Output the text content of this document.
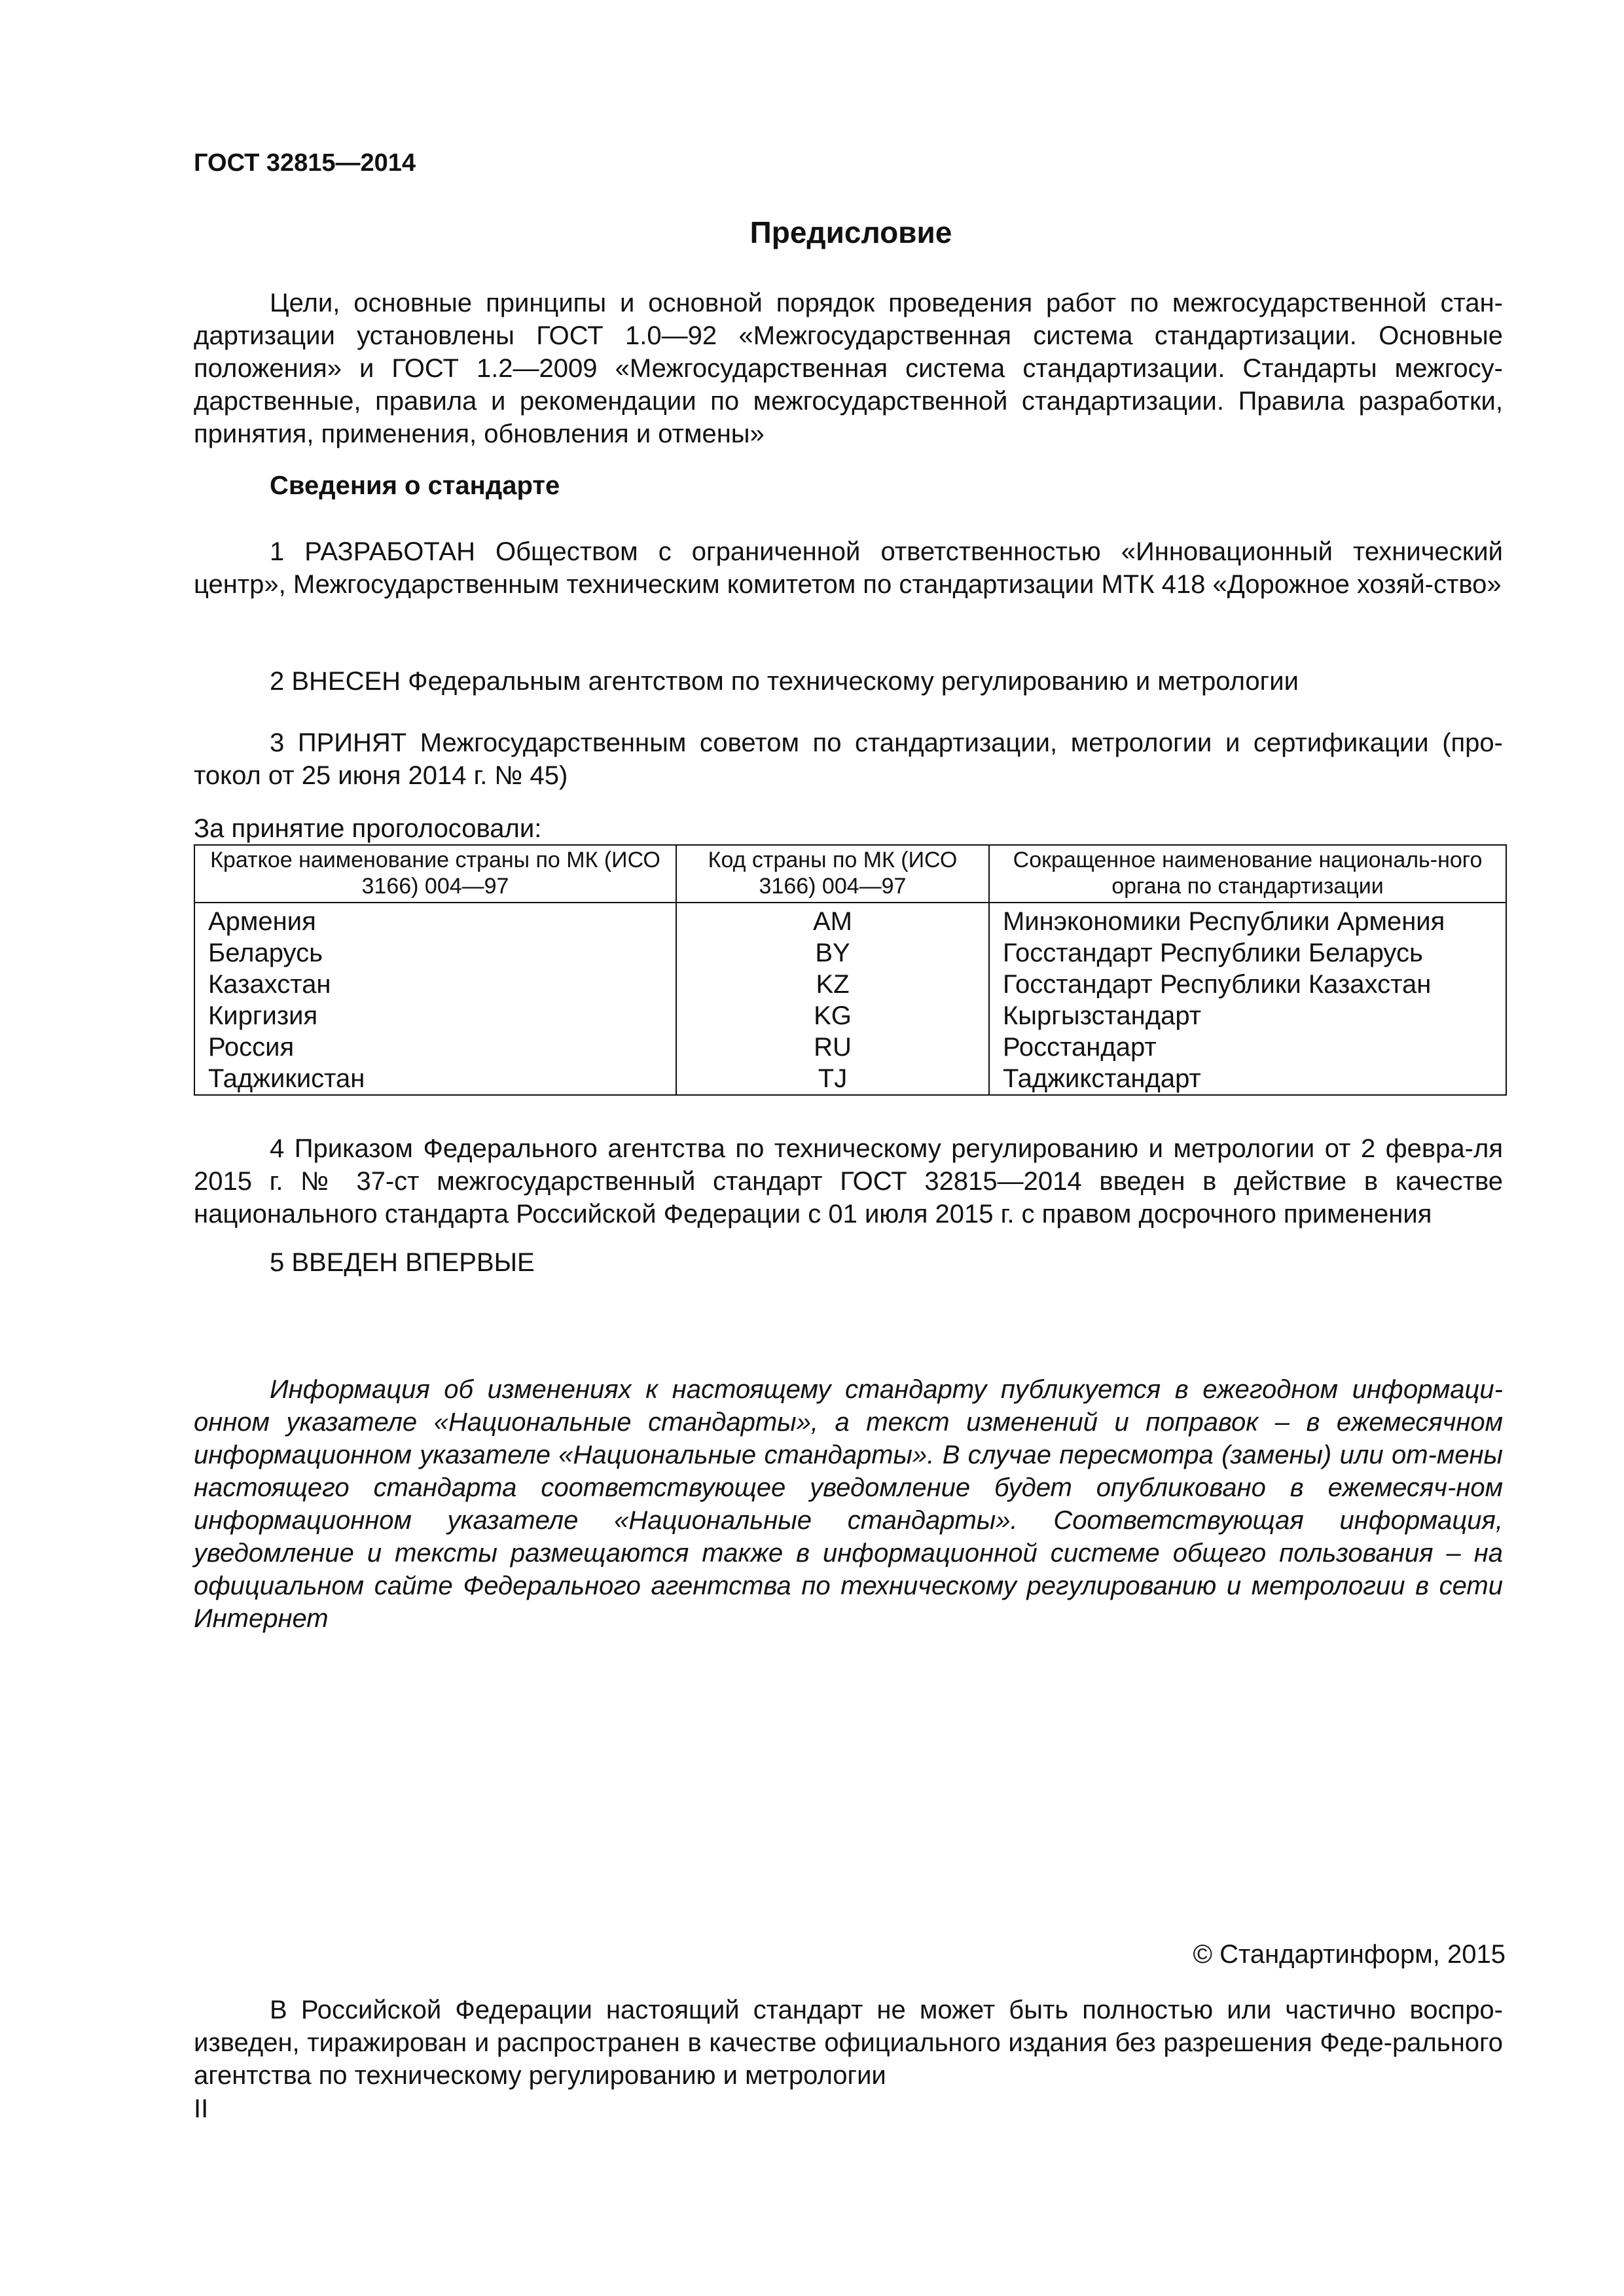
ГОСТ 32815—2014
Предисловие

Цели, основные принципы и основной порядок проведения работ по межгосударственной стан-дартизации установлены ГОСТ 1.0—92 «Межгосударственная система стандартизации. Основные положения» и ГОСТ 1.2—2009 «Межгосударственная система стандартизации. Стандарты межгосу-дарственные, правила и рекомендации по межгосударственной стандартизации. Правила разработки, принятия, применения, обновления и отмены»

Сведения о стандарте

1 РАЗРАБОТАН Обществом с ограниченной ответственностью «Инновационный технический центр», Межгосударственным техническим комитетом по стандартизации МТК 418 «Дорожное хозяй-ство»

2 ВНЕСЕН Федеральным агентством по техническому регулированию и метрологии

3 ПРИНЯТ Межгосударственным советом по стандартизации, метрологии и сертификации (про-токол от 25 июня 2014 г. № 45)

За принятие проголосовали:
Краткое наименование страны по МК (ИСО 3166) 004—97	Код страны по МК (ИСО 3166) 004—97	Сокращенное наименование националь-ного органа по стандартизации
Армения	AM	Минэкономики Республики Армения
Беларусь	BY	Госстандарт Республики Беларусь
Казахстан	KZ	Госстандарт Республики Казахстан
Киргизия	KG	Кыргызстандарт
Россия	RU	Росстандарт
Таджикистан	TJ	Таджикстандарт

4 Приказом Федерального агентства по техническому регулированию и метрологии от 2 февра-ля 2015 г. № 37-ст межгосударственный стандарт ГОСТ 32815—2014 введен в действие в качестве национального стандарта Российской Федерации с 01 июля 2015 г. с правом досрочного применения

5 ВВЕДЕН ВПЕРВЫЕ

Информация об изменениях к настоящему стандарту публикуется в ежегодном информаци-онном указателе «Национальные стандарты», а текст изменений и поправок – в ежемесячном информационном указателе «Национальные стандарты». В случае пересмотра (замены) или от-мены настоящего стандарта соответствующее уведомление будет опубликовано в ежемесяч-ном информационном указателе «Национальные стандарты». Соответствующая информация, уведомление и тексты размещаются также в информационной системе общего пользования – на официальном сайте Федерального агентства по техническому регулированию и метрологии в сети Интернет

© Стандартинформ, 2015

В Российской Федерации настоящий стандарт не может быть полностью или частично воспро-изведен, тиражирован и распространен в качестве официального издания без разрешения Феде-рального агентства по техническому регулированию и метрологии

II
